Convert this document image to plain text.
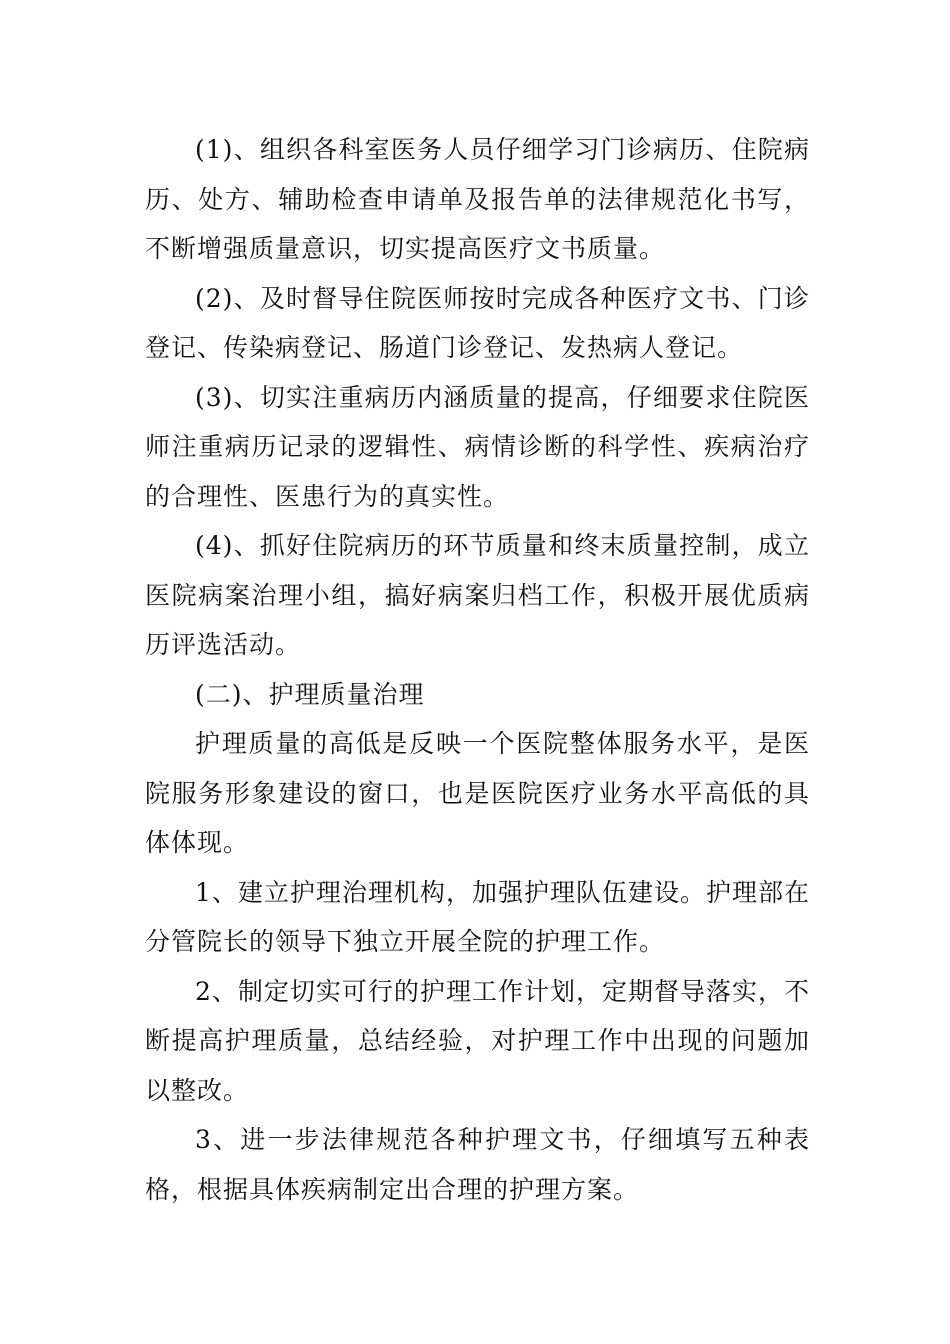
(1)、组织各科室医务人员仔细学习门诊病历、住院病历、处方、辅助检查申请单及报告单的法律规范化书写，不断增强质量意识，切实提高医疗文书质量。

(2)、及时督导住院医师按时完成各种医疗文书、门诊登记、传染病登记、肠道门诊登记、发热病人登记。

(3)、切实注重病历内涵质量的提高，仔细要求住院医师注重病历记录的逻辑性、病情诊断的科学性、疾病治疗的合理性、医患行为的真实性。

(4)、抓好住院病历的环节质量和终末质量控制，成立医院病案治理小组，搞好病案归档工作，积极开展优质病历评选活动。

(二)、护理质量治理

护理质量的高低是反映一个医院整体服务水平，是医院服务形象建设的窗口，也是医院医疗业务水平高低的具体体现。

1、建立护理治理机构，加强护理队伍建设。护理部在分管院长的领导下独立开展全院的护理工作。

2、制定切实可行的护理工作计划，定期督导落实，不断提高护理质量，总结经验，对护理工作中出现的问题加以整改。

3、进一步法律规范各种护理文书，仔细填写五种表格，根据具体疾病制定出合理的护理方案。
